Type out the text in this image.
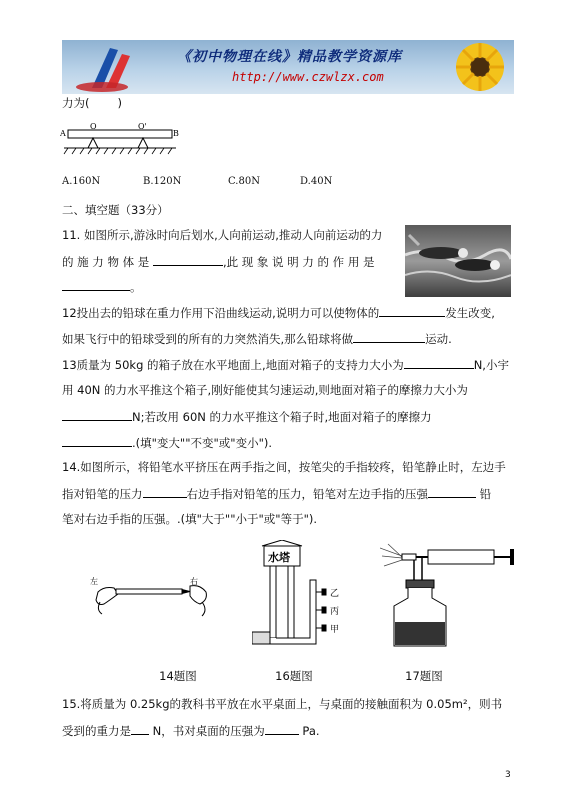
《初中物理在线》精品教学资源库
http://www.czwlzx.com
力为( )
A	B
O	O'
A.160N	B.120N	C.80N	D.40N
二、填空题（33分）
11. 如图所示,游泳时向后划水,人向前运动,推动人向前运动的力
的 施 力 物 体 是	,此 现 象 说 明 力 的 作 用 是
。
12投出去的铅球在重力作用下沿曲线运动,说明力可以使物体的	发生改变,
如果飞行中的铅球受到的所有的力突然消失,那么铅球将做	运动.
13质量为 50kg 的箱子放在水平地面上,地面对箱子的支持力大小为	N,小宇
用 40N 的力水平推这个箱子,刚好能使其匀速运动,则地面对箱子的摩擦力大小为
N;若改用 60N 的力水平推这个箱子时,地面对箱子的摩擦力
.(填"变大""不变"或"变小").
14.如图所示，将铅笔水平挤压在两手指之间，按笔尖的手指较疼，铅笔静止时，左边手
指对铅笔的压力	右边手指对铅笔的压力，铅笔对左边手指的压强	铅
笔对右边手指的压强。.(填"大于""小于"或"等于").
左	右
14题图
水塔
乙
丙
甲
16题图	17题图
15.将质量为 0.25kg的教科书平放在水平桌面上，与桌面的接触面积为 0.05m²，则书
受到的重力是 N，书对桌面的压强为	Pa.
3
